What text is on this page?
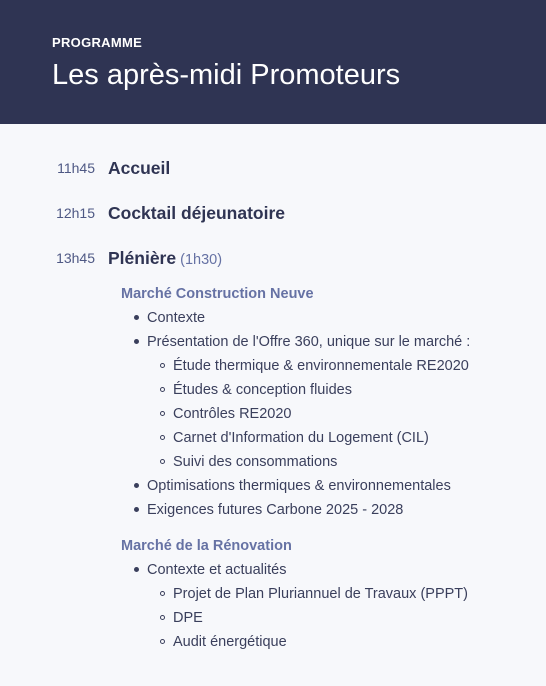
PROGRAMME
Les après-midi Promoteurs
11h45 Accueil
12h15 Cocktail déjeunatoire
13h45 Plénière (1h30)
Marché Construction Neuve
Contexte
Présentation de l'Offre 360, unique sur le marché :
Étude thermique & environnementale RE2020
Études & conception fluides
Contrôles RE2020
Carnet d'Information du Logement (CIL)
Suivi des consommations
Optimisations thermiques & environnementales
Exigences futures Carbone 2025 - 2028
Marché de la Rénovation
Contexte et actualités
Projet de Plan Pluriannuel de Travaux (PPPT)
DPE
Audit énergétique
